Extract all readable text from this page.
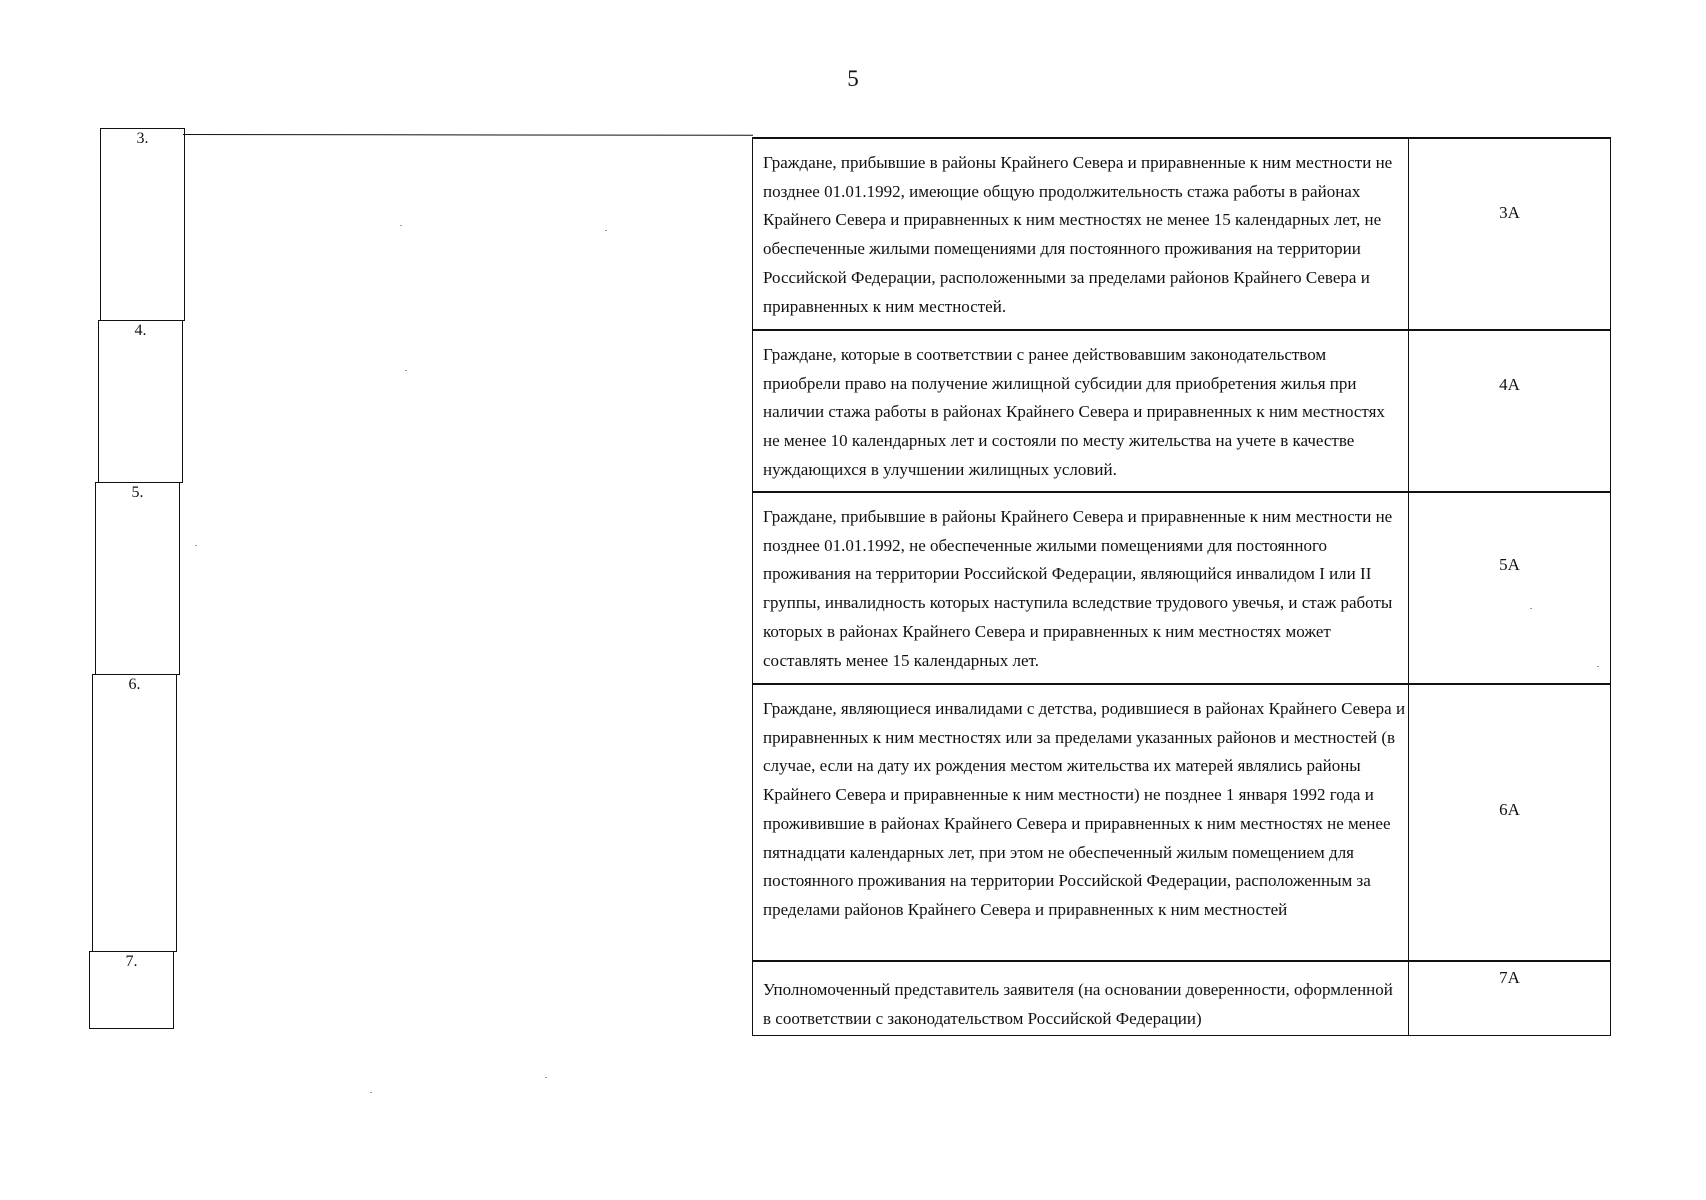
5
3.
4.
5.
6.
7.
Граждане, прибывшие в районы Крайнего Севера и приравненные к ним местности не позднее 01.01.1992, имеющие общую продолжительность стажа работы в районах Крайнего Севера и приравненных к ним местностях не менее 15 календарных лет, не обеспеченные жилыми помещениями для постоянного проживания на территории Российской Федерации, расположенными за пределами районов Крайнего Севера и приравненных к ним местностей.
3А
Граждане, которые в соответствии с ранее действовавшим законодательством приобрели право на получение жилищной субсидии для приобретения жилья при наличии стажа работы в районах Крайнего Севера и приравненных к ним местностях не менее 10 календарных лет и состояли по месту жительства на учете в качестве нуждающихся в улучшении жилищных условий.
4А
Граждане, прибывшие в районы Крайнего Севера и приравненные к ним местности не позднее 01.01.1992, не обеспеченные жилыми помещениями для постоянного проживания на территории Российской Федерации, являющийся инвалидом I или II группы, инвалидность которых наступила вследствие трудового увечья, и стаж работы которых в районах Крайнего Севера и приравненных к ним местностях может составлять менее 15 календарных лет.
5А
Граждане, являющиеся инвалидами с детства, родившиеся в районах Крайнего Севера и приравненных к ним местностях или за пределами указанных районов и местностей (в случае, если на дату их рождения местом жительства их матерей являлись районы Крайнего Севера и приравненные к ним местности) не позднее 1 января 1992 года и проживившие в районах Крайнего Севера и приравненных к ним местностях не менее пятнадцати календарных лет, при этом не обеспеченный жилым помещением для постоянного проживания на территории Российской Федерации, расположенным за пределами районов Крайнего Севера и приравненных к ним местностей
6А
Уполномоченный представитель заявителя (на основании доверенности, оформленной в соответствии с законодательством Российской Федерации)
7А
